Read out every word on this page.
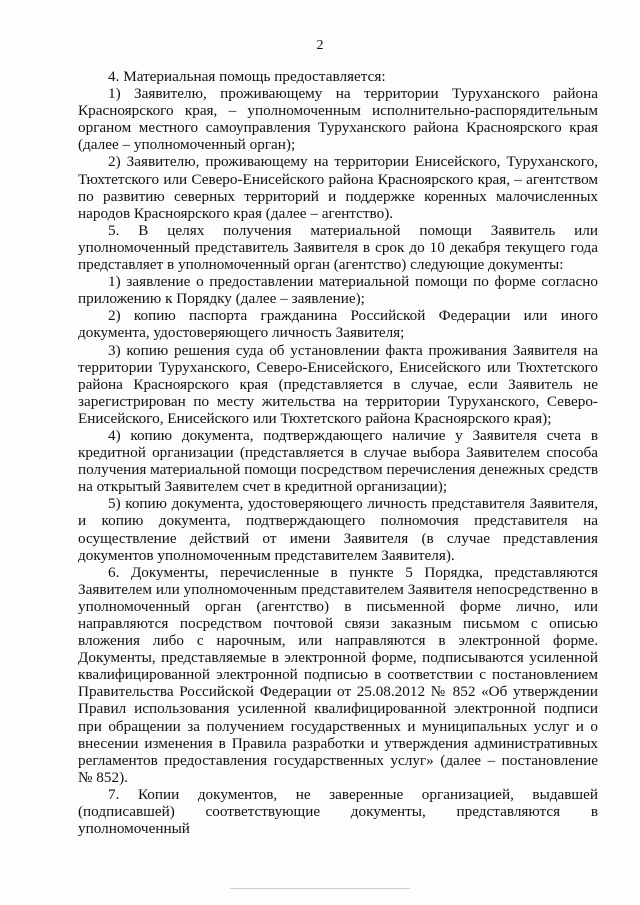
2

4. Материальная помощь предоставляется:

1) Заявителю, проживающему на территории Туруханского района Красноярского края, – уполномоченным исполнительно-распорядительным органом местного самоуправления Туруханского района Красноярского края (далее – уполномоченный орган);

2) Заявителю, проживающему на территории Енисейского, Туруханского, Тюхтетского или Северо-Енисейского района Красноярского края, – агентством по развитию северных территорий и поддержке коренных малочисленных народов Красноярского края (далее – агентство).

5. В целях получения материальной помощи Заявитель или уполномоченный представитель Заявителя в срок до 10 декабря текущего года представляет в уполномоченный орган (агентство) следующие документы:

1) заявление о предоставлении материальной помощи по форме согласно приложению к Порядку (далее – заявление);

2) копию паспорта гражданина Российской Федерации или иного документа, удостоверяющего личность Заявителя;

3) копию решения суда об установлении факта проживания Заявителя на территории Туруханского, Северо-Енисейского, Енисейского или Тюхтетского района Красноярского края (представляется в случае, если Заявитель не зарегистрирован по месту жительства на территории Туруханского, Северо-Енисейского, Енисейского или Тюхтетского района Красноярского края);

4) копию документа, подтверждающего наличие у Заявителя счета в кредитной организации (представляется в случае выбора Заявителем способа получения материальной помощи посредством перечисления денежных средств на открытый Заявителем счет в кредитной организации);

5) копию документа, удостоверяющего личность представителя Заявителя, и копию документа, подтверждающего полномочия представителя на осуществление действий от имени Заявителя (в случае представления документов уполномоченным представителем Заявителя).

6. Документы, перечисленные в пункте 5 Порядка, представляются Заявителем или уполномоченным представителем Заявителя непосредственно в уполномоченный орган (агентство) в письменной форме лично, или направляются посредством почтовой связи заказным письмом с описью вложения либо с нарочным, или направляются в электронной форме. Документы, представляемые в электронной форме, подписываются усиленной квалифицированной электронной подписью в соответствии с постановлением Правительства Российской Федерации от 25.08.2012 № 852 «Об утверждении Правил использования усиленной квалифицированной электронной подписи при обращении за получением государственных и муниципальных услуг и о внесении изменения в Правила разработки и утверждения административных регламентов предоставления государственных услуг» (далее – постановление № 852).

7. Копии документов, не заверенные организацией, выдавшей (подписавшей) соответствующие документы, представляются в уполномоченный
